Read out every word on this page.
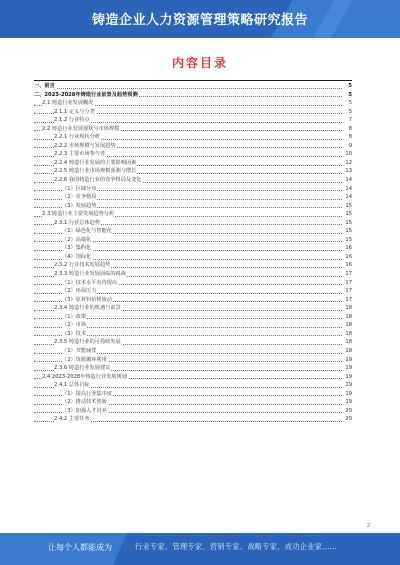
铸造企业人力资源管理策略研究报告
内容目录
一、前言	5
二、2023-2028年铸造行业前景及趋势预测	5
2.1 铸造行业发展概况	5
2.1.1 定义与分类	5
2.1.2 行业特点	7
2.2 铸造行业发展现状与市场规模	8
2.2.1 行业现状分析	8
2.2.2 市场规模与发展趋势	9
2.2.3 主要市场参与者	10
2.2.4 铸造行业发展的主要影响因素	12
2.2.5 铸造行业市场规模预测与增长	13
2.2.6 我国铸造行业的竞争格局及变化	14
（1）区域分布	14
（2）竞争格局	14
（3）发展趋势	15
2.3 铸造行业主要发展趋势分析	15
2.3.1 行业总体趋势	15
（1）绿色化与智能化	15
（2）高端化	15
（3）集约化	16
（4）国际化	16
2.3.2 行业技术发展趋势	16
2.3.3 铸造行业发展面临的挑战	17
（1）技术水平有待提高	17
（2）环保压力	17
（3）原材料价格波动	17
2.3.4 铸造行业的机遇与前景	18
（1）政策	18
（2）市场	18
（3）技术	18
2.3.5 铸造行业的可持续发展	18
（1）节能减排	18
（2）资源循环利用	19
2.3.6 铸造行业发展建议	19
2.4 2023-2028年铸造行业发展规划	19
2.4.1 总体目标	19
（1）提高行业集中度	19
（2）推动技术创新	19
（3）加强人才培养	20
2.4.2 主要任务	20
2
让每个人都能成为	行业专家、管理专家、营销专家、战略专家、成功企业家……
